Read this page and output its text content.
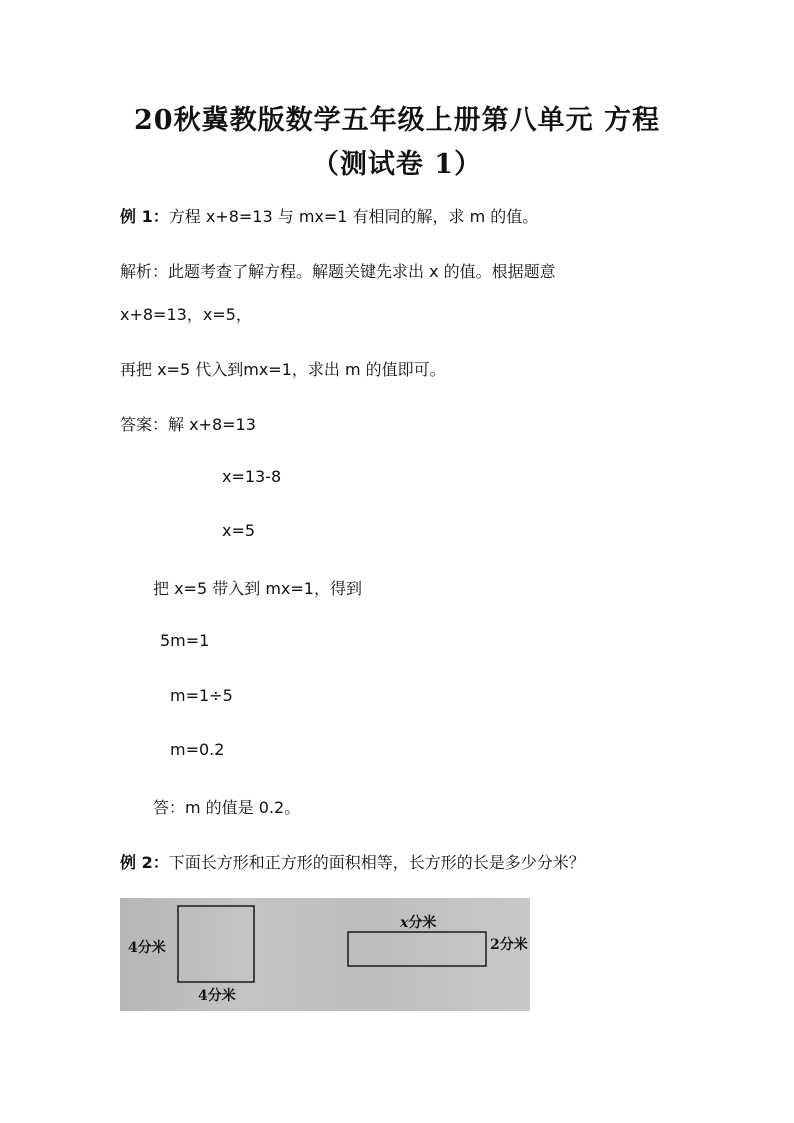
20秋冀教版数学五年级上册第八单元 方程
（测试卷 1）
例 1：方程 x+8=13 与 mx=1 有相同的解，求 m 的值。
解析：此题考查了解方程。解题关键先求出 x 的值。根据题意
x+8=13，x=5，
再把 x=5 代入到mx=1，求出 m 的值即可。
答案：解 x+8=13
x=13-8
x=5
把 x=5 带入到 mx=1，得到
5m=1
m=1÷5
m=0.2
答：m 的值是 0.2。
例 2：下面长方形和正方形的面积相等，长方形的长是多少分米？
4分米
4分米
x分米
2分米
